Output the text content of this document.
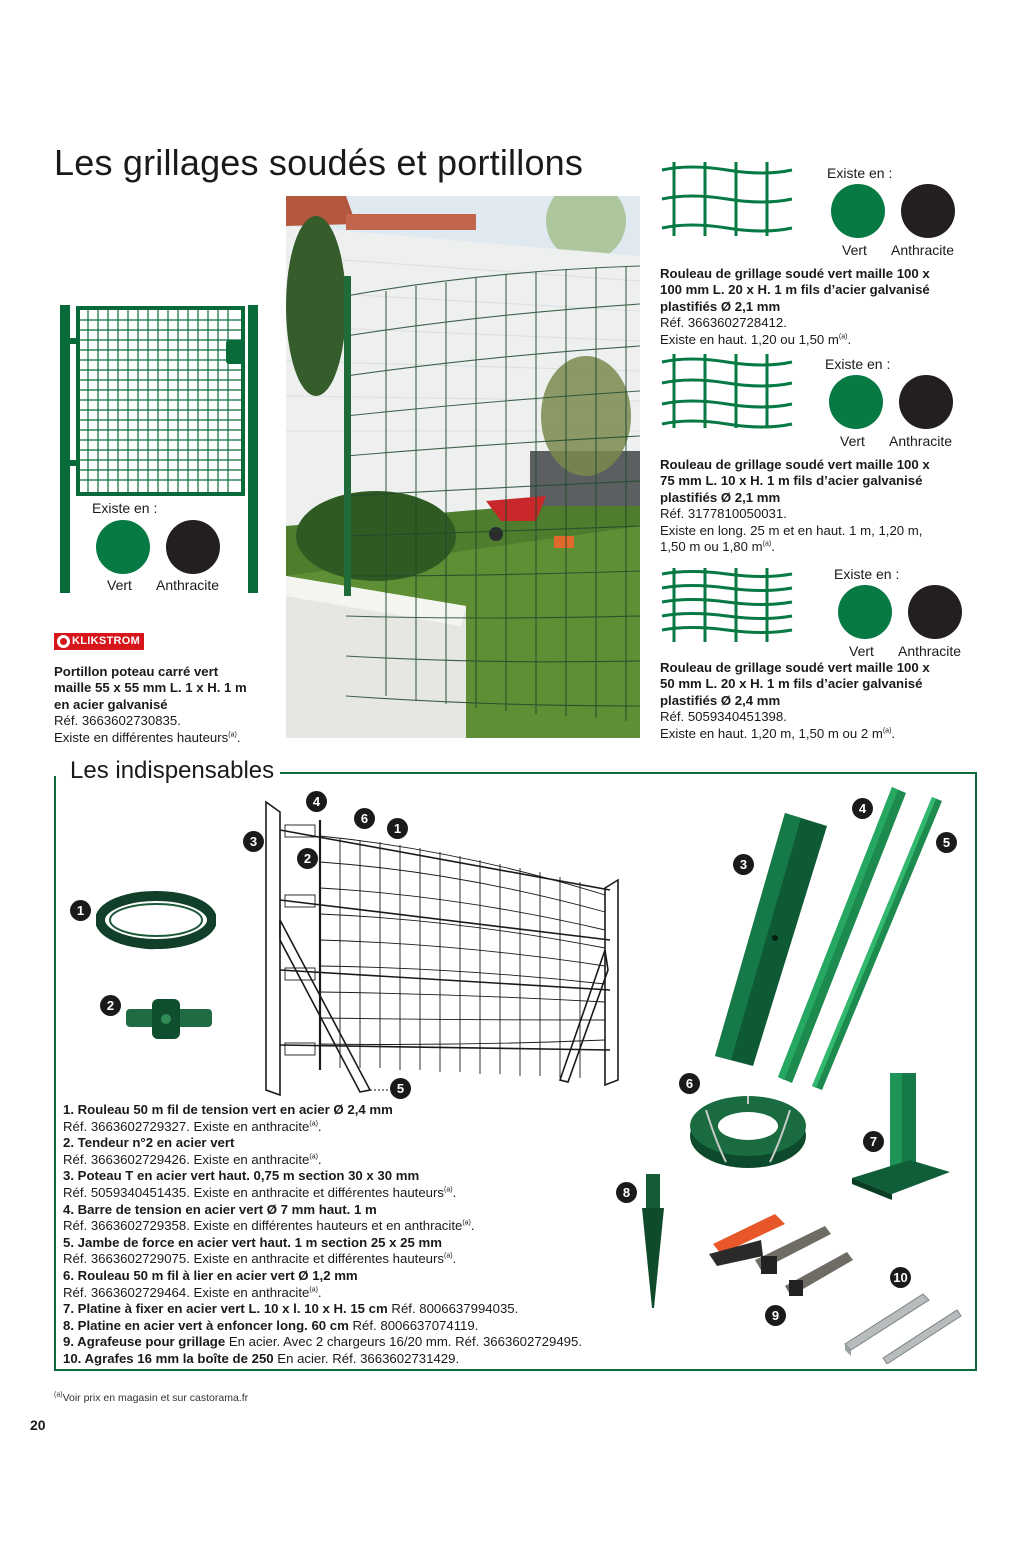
Les grillages soudés et portillons
Existe en :
Vert Anthracite
KLIKSTROM
Portillon poteau carré vert
maille 55 x 55 mm L. 1 x H. 1 m
en acier galvanisé
Réf. 3663602730835.
Existe en différentes hauteurs$^{(a)}$.
Existe en :
Vert Anthracite
Rouleau de grillage soudé vert maille 100 x
100 mm L. 20 x H. 1 m fils d’acier galvanisé
plastifiés Ø 2,1 mm
Réf. 3663602728412.
Existe en haut. 1,20 ou 1,50 $m^{(a)}$.
Existe en :
Vert Anthracite
Rouleau de grillage soudé vert maille 100 x
75 mm L. 10 x H. 1 m fils d’acier galvanisé
plastifiés Ø 2,1 mm
Réf. 3177810050031.
Existe en long. 25 m et en haut. 1 m, 1,20 m,
1,50 m ou 1,80 $m^{(a)}$.
Existe en :
Vert Anthracite
Rouleau de grillage soudé vert maille 100 x
50 mm L. 20 x H. 1 m fils d’acier galvanisé
plastifiés Ø 2,4 mm
Réf. 5059340451398.
Existe en haut. 1,20 m, 1,50 m ou 2 $m^{(a)}$.
Les indispensables
4
6
1
3
2
5
1
2
3
4
5
6
7
8
9
10
1. Rouleau 50 m fil de tension vert en acier Ø 2,4 mm
Réf. 3663602729327. Existe en anthracite$^{(a)}$.
2. Tendeur n°2 en acier vert
Réf. 3663602729426. Existe en anthracite$^{(a)}$.
3. Poteau T en acier vert haut. 0,75 m section 30 x 30 mm
Réf. 5059340451435. Existe en anthracite et différentes hauteurs$^{(a)}$.
4. Barre de tension en acier vert Ø 7 mm haut. 1 m
Réf. 3663602729358. Existe en différentes hauteurs et en anthracite$^{(a)}$.
5. Jambe de force en acier vert haut. 1 m section 25 x 25 mm
Réf. 3663602729075. Existe en anthracite et différentes hauteurs$^{(a)}$.
6. Rouleau 50 m fil à lier en acier vert Ø 1,2 mm
Réf. 3663602729464. Existe en anthracite$^{(a)}$.
7. Platine à fixer en acier vert L. 10 x l. 10 x H. 15 cm Réf. 8006637994035.
8. Platine en acier vert à enfoncer long. 60 cm Réf. 8006637074119.
9. Agrafeuse pour grillage En acier. Avec 2 chargeurs 16/20 mm. Réf. 3663602729495.
10. Agrafes 16 mm la boîte de 250 En acier. Réf. 3663602731429.
$^{(a)}$Voir prix en magasin et sur castorama.fr
20
